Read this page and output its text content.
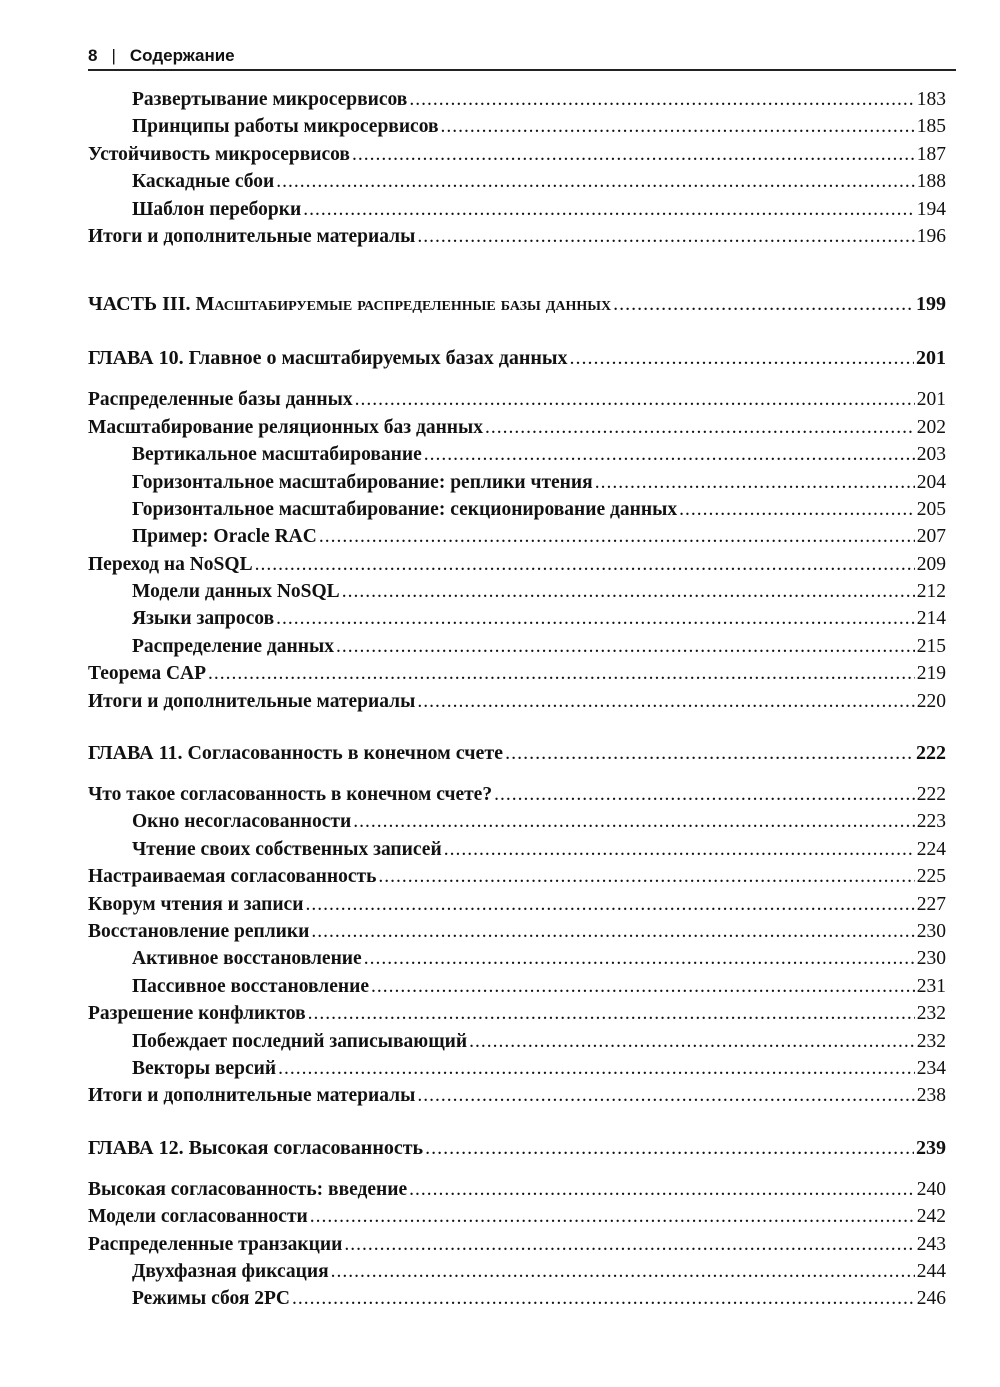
8 | Содержание
Развертывание микросервисов .....	183
Принципы работы микросервисов .....	185
Устойчивость микросервисов .....	187
Каскадные сбои .....	188
Шаблон переборки .....	194
Итоги и дополнительные материалы .....	196
ЧАСТЬ III. Масштабируемые распределенные базы данных .....	199
ГЛАВА 10. Главное о масштабируемых базах данных .....	201
Распределенные базы данных .....	201
Масштабирование реляционных баз данных .....	202
Вертикальное масштабирование .....	203
Горизонтальное масштабирование: реплики чтения .....	204
Горизонтальное масштабирование: секционирование данных .....	205
Пример: Oracle RAC .....	207
Переход на NoSQL .....	209
Модели данных NoSQL .....	212
Языки запросов .....	214
Распределение данных .....	215
Теорема CAP .....	219
Итоги и дополнительные материалы .....	220
ГЛАВА 11. Согласованность в конечном счете .....	222
Что такое согласованность в конечном счете? .....	222
Окно несогласованности .....	223
Чтение своих собственных записей .....	224
Настраиваемая согласованность .....	225
Кворум чтения и записи .....	227
Восстановление реплики .....	230
Активное восстановление .....	230
Пассивное восстановление .....	231
Разрешение конфликтов .....	232
Побеждает последний записывающий .....	232
Векторы версий .....	234
Итоги и дополнительные материалы .....	238
ГЛАВА 12. Высокая согласованность .....	239
Высокая согласованность: введение .....	240
Модели согласованности .....	242
Распределенные транзакции .....	243
Двухфазная фиксация .....	244
Режимы сбоя 2PC .....	246
